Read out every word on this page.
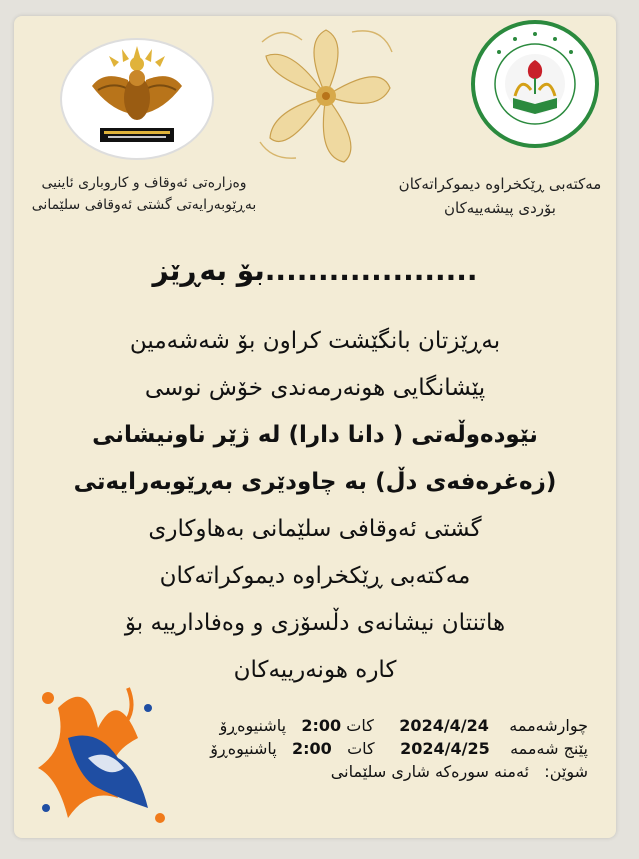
وەزارەتی ئەوقاف و کاروباری ئاینیی
بەڕێوبەرایەتی گشتی ئەوقافی سلێمانی
مەکتەبی ڕێکخراوە دیموکراتەکان
بۆردی پیشەییەکان
بۆ بەڕێز....................
بەڕێزتان بانگێشت کراون بۆ شەشەمین
پێشانگایی هونەرمەندی خۆش نوسی
نێودەوڵەتی ( دانا دارا) لە ژێر ناونیشانی
(زەغرەفەی دڵ) بە چاودێری بەڕێوبەرایەتی
گشتی ئەوقافی سلێمانی بەهاوکاری
مەکتەبی ڕێکخراوە دیموکراتەکان
هاتنتان نیشانەی دڵسۆزی و وەفادارییە بۆ
کارە هونەرییەکان
چوارشەممە    2024/4/24     کات 2:00   پاشنیوەڕۆ
پێنج شەممە    2024/4/25     کات   2:00   پاشنیوەڕۆ
شوێن:   ئەمنە سورەکە شاری سلێمانی
